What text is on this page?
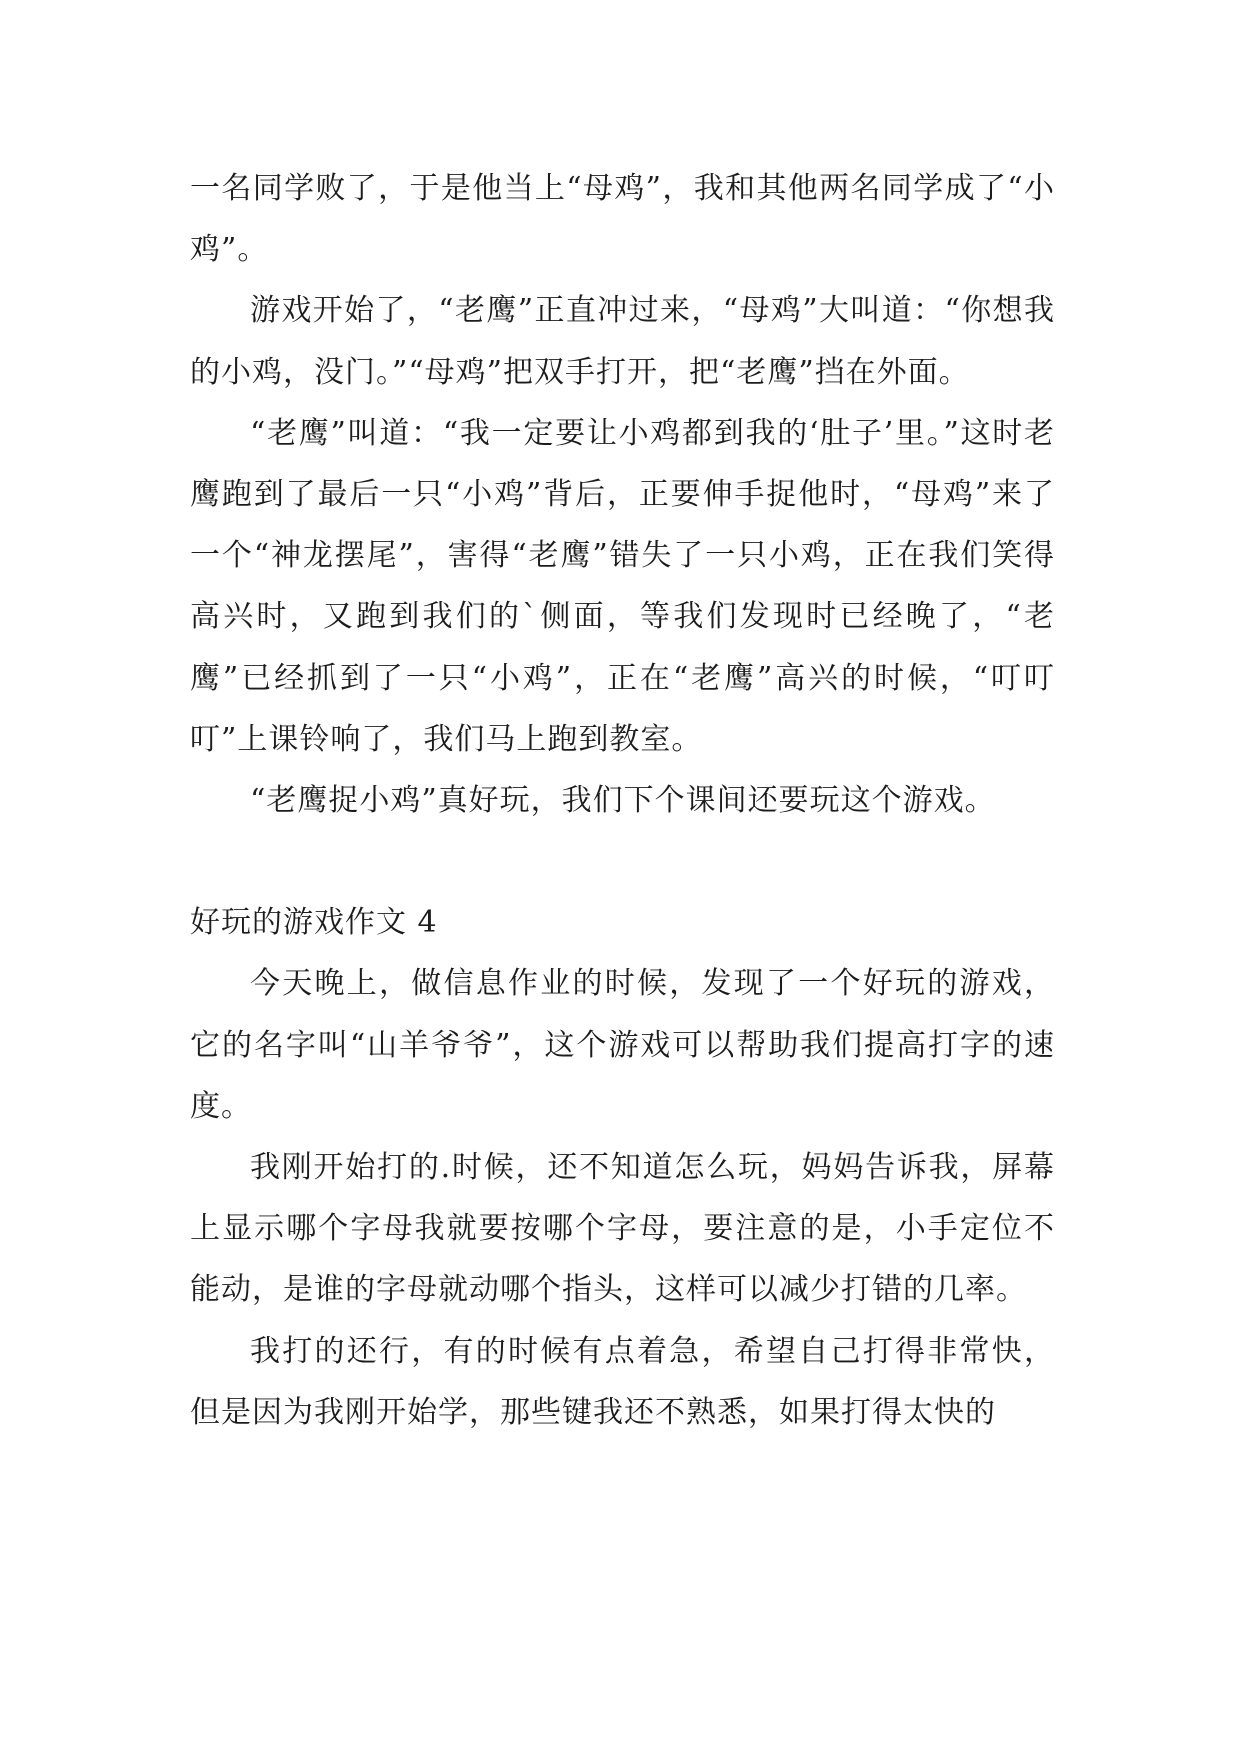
一名同学败了，于是他当上“母鸡”，我和其他两名同学成了“小鸡”。

游戏开始了，“老鹰”正直冲过来，“母鸡”大叫道：“你想我的小鸡，没门。”“母鸡”把双手打开，把“老鹰”挡在外面。

“老鹰”叫道：“我一定要让小鸡都到我的‘肚子’里。”这时老鹰跑到了最后一只“小鸡”背后，正要伸手捉他时，“母鸡”来了一个“神龙摆尾”，害得“老鹰”错失了一只小鸡，正在我们笑得高兴时，又跑到我们的`侧面，等我们发现时已经晚了，“老鹰”已经抓到了一只“小鸡”，正在“老鹰”高兴的时候，“叮叮叮”上课铃响了，我们马上跑到教室。

“老鹰捉小鸡”真好玩，我们下个课间还要玩这个游戏。

好玩的游戏作文 4

今天晚上，做信息作业的时候，发现了一个好玩的游戏，它的名字叫“山羊爷爷”，这个游戏可以帮助我们提高打字的速度。

我刚开始打的.时候，还不知道怎么玩，妈妈告诉我，屏幕上显示哪个字母我就要按哪个字母，要注意的是，小手定位不能动，是谁的字母就动哪个指头，这样可以减少打错的几率。

我打的还行，有的时候有点着急，希望自己打得非常快，但是因为我刚开始学，那些键我还不熟悉，如果打得太快的
